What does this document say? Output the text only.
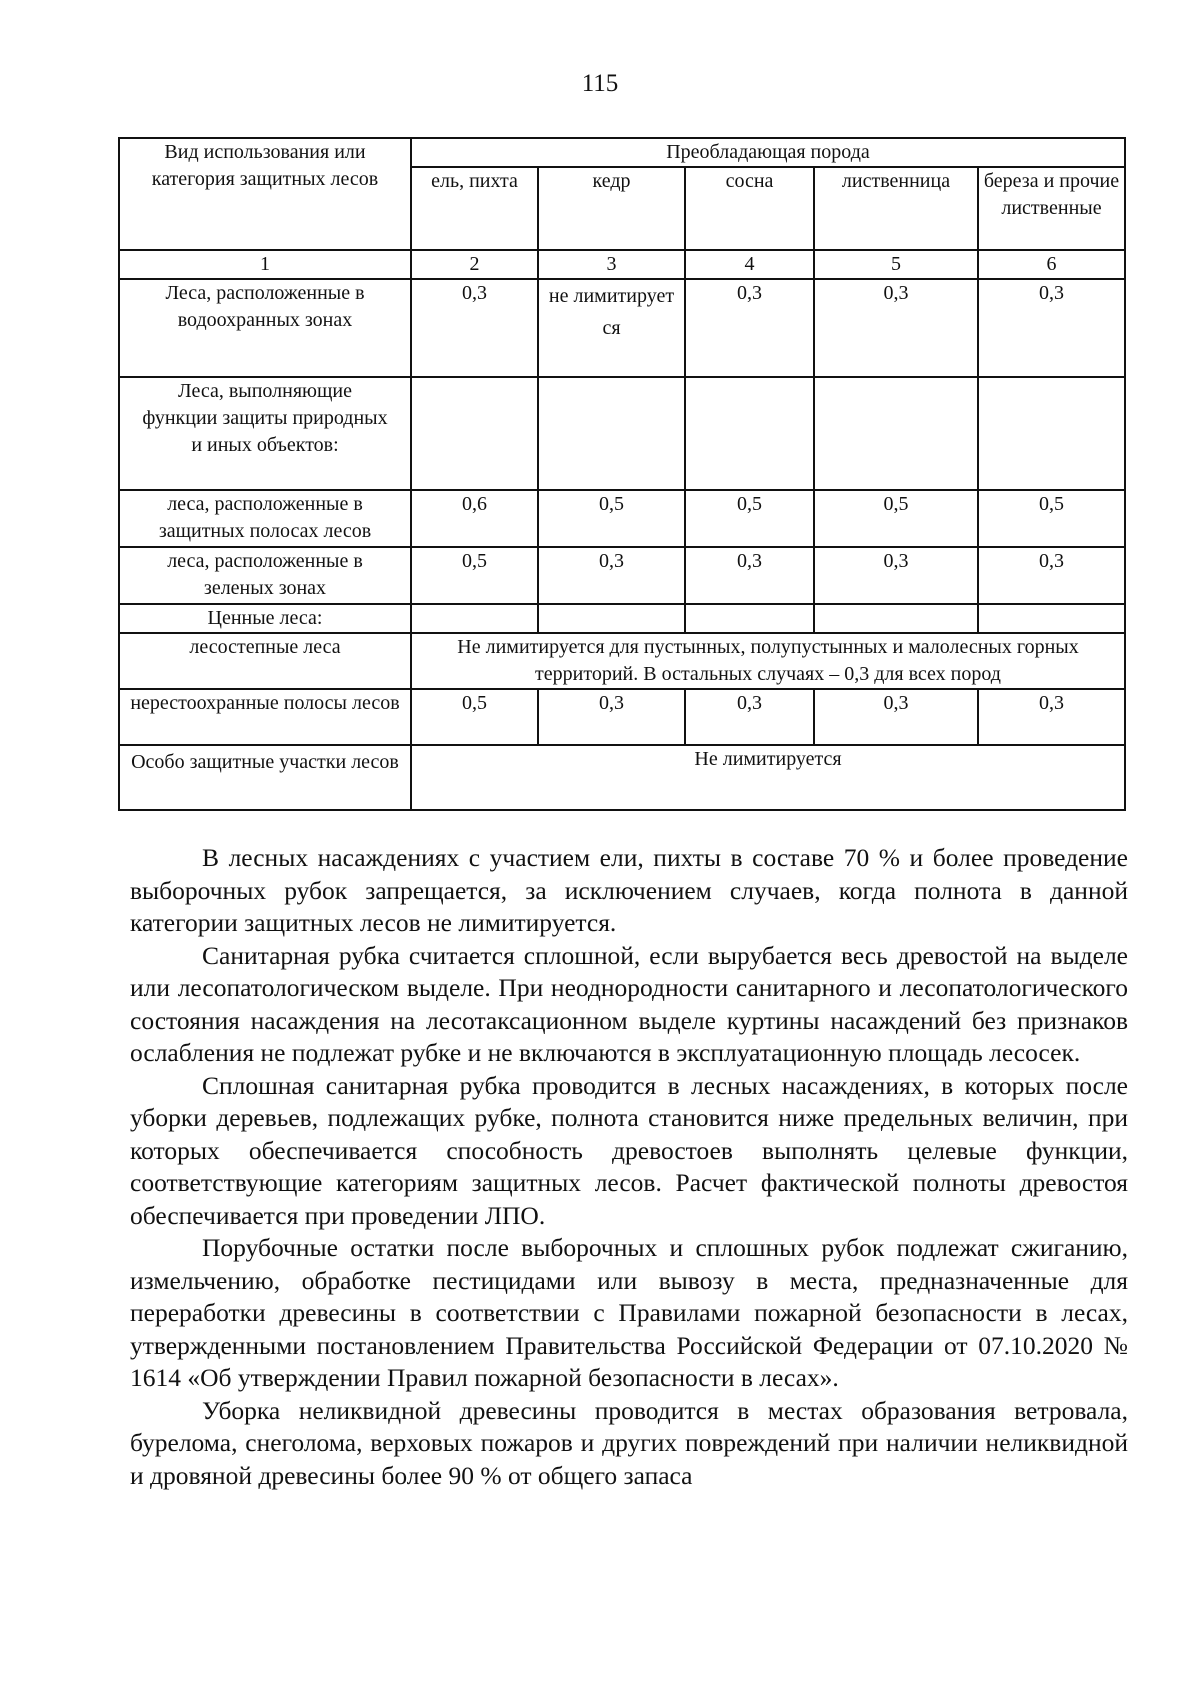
115
Вид использования или категория защитных лесов	Преобладающая порода				
	ель, пихта	кедр	сосна	лиственница	береза и прочие лиственные
1	2	3	4	5	6
Леса, расположенные в водоохранных зонах	0,3	не лимитирует ся	0,3	0,3	0,3
Леса, выполняющие функции защиты природных и иных объектов:					
леса, расположенные в защитных полосах лесов	0,6	0,5	0,5	0,5	0,5
леса, расположенные в зеленых зонах	0,5	0,3	0,3	0,3	0,3
Ценные леса:					
лесостепные леса	Не лимитируется для пустынных, полупустынных и малолесных горных территорий. В остальных случаях – 0,3 для всех пород				
нерестоохранные полосы лесов	0,5	0,3	0,3	0,3	0,3
Особо защитные участки лесов	Не лимитируется				

В лесных насаждениях с участием ели, пихты в составе 70 % и более проведение выборочных рубок запрещается, за исключением случаев, когда полнота в данной категории защитных лесов не лимитируется.

Санитарная рубка считается сплошной, если вырубается весь древостой на выделе или лесопатологическом выделе. При неоднородности санитарного и лесопатологического состояния насаждения на лесотаксационном выделе куртины насаждений без признаков ослабления не подлежат рубке и не включаются в эксплуатационную площадь лесосек.

Сплошная санитарная рубка проводится в лесных насаждениях, в которых после уборки деревьев, подлежащих рубке, полнота становится ниже предельных величин, при которых обеспечивается способность древостоев выполнять целевые функции, соответствующие категориям защитных лесов. Расчет фактической полноты древостоя обеспечивается при проведении ЛПО.

Порубочные остатки после выборочных и сплошных рубок подлежат сжиганию, измельчению, обработке пестицидами или вывозу в места, предназначенные для переработки древесины в соответствии с Правилами пожарной безопасности в лесах, утвержденными постановлением Правительства Российской Федерации от 07.10.2020 № 1614 «Об утверждении Правил пожарной безопасности в лесах».

Уборка неликвидной древесины проводится в местах образования ветровала, бурелома, снеголома, верховых пожаров и других повреждений при наличии неликвидной и дровяной древесины более 90 % от общего запаса
